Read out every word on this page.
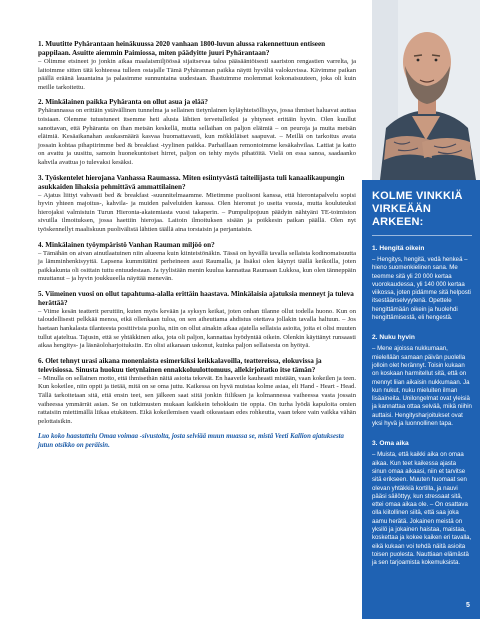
1. Muutitte Pyhärantaan heinäkuussa 2020 vanhaan 1800-luvun alussa rakennettuun entiseen pappilaan. Asuitte aiemmin Paimiossa, miten päädyitte juuri Pyhärantaan?

– Olimme etsineet jo jonkin aikaa maalaismiljöössä sijaitsevaa taloa pääsääntöisesti saariston rengastien varrelta, ja laitoimme sitten tätä kohteessa tulleen ostajalle Tämä Pyhärannan paikka näytti hyvältä valokuvissa. Kävimme paikan päällä eräänä lauantaina ja palasimme sunnuntaina uudestaan. Ihastuimme molemmat kokonaisuuteen, joka oli kuin meille tarkoitettu.

2. Minkälainen paikka Pyhäranta on ollut asua ja elää?

Pyhärannassa on erittäin ystävällinen tunnelma ja sellainen tietynlainen kyläyhteisöllisyys, jossa ihmiset haluavat auttaa toisiaan. Olemme tutustuneet itsemme heti alusta lähtien tervetulleiksi ja yhtyneet erittäin hyvin. Olen kuullut sanottavan, että Pyhäranta on ihan metsän keskellä, mutta sellaihan on paljon eläimiä – on peuroja ja muita metsän eläimiä. Kesäaikanahan asukasmäärä kasvaa huomattavasti, kun mökkiläiset saapuvat. – Meillä on tarkoitus avata jossain kohtaa pihapiirimme bed & breakfast -tyylinen paikka. Parhaillaan remontoimme kesäkahvilaa. Lattiat ja katto on avattu ja uusittu, samoin huonekuntoiset hirret, paljon on tehty myös pihatöitä. Vielä on essa sanoa, saadaanko kahvila avattua jo tulevaksi kesäksi.

3. Työskentelet hierojana Vanhassa Raumassa. Miten esiintyvästä taiteilijasta tuli kanaalikaupungin asukkaiden lihaksia pehmittävä ammattilainen?

– Ajatus liittyi vahvasti bed & breakfast -suunnitelmaamme. Mietimme puolisoni kanssa, että hierontapalvelu sopisi hyvin yhteen majoitus-, kahvila- ja muiden palveluiden kanssa. Olen hieronut jo useita vuosia, mutta kouluteuksi hierojaksi valmistuin Turun Hieronta-akatemiasta vuosi takaperin. – Pumpulipojuun päädyin nähtyäni TE-toimiston sivuilla ilmoituksen, jossa haettiin hierojaa. Laitoin ilmoituksen sisään ja poikkesin paikan päällä. Olen nyt työskennellyt maaliskuun puolivälistä lähtien täällä aina torstaisin ja perjantaisin.

4. Minkälainen työympäristö Vanhan Rauman miljöö on?

– Tämähän on aivan ainutlaatuinen niin alueena kuin kiinteistönäkin. Tässä on hyvällä tavalla sellaista kodinomaisuutta ja lämminhenkisyyttä. Lapsena kummitätini perheineen asui Raumalla, ja lisäksi olen käynyt täällä keikoilla, joten paikkakunta oli osittain tuttu entuudestaan. Ja tyylistään menin kuulua kannattaa Raumaan Lukkoa, kun olen tänneppäin muuttanut – ja hyvin joukkueella näyttää menevän.

5. Viimeinen vuosi on ollut tapahtuma-alalla erittäin haastava. Minkälaisia ajatuksia menneyt ja tuleva herättää?

– Viime kesän teatterit peruttiin, kuten myös kevään ja syksyn keikat, joten onhan tilanne ollut todella huono. Kun on taloudellisesti pelkkää menoa, eikä ollenkaan tuloa, on sen aiheuttama ahdistus otettava jollakin tavalla haltuun. – Jos haetaan hankalasta tilanteesta positiivisia puolia, niin on ollut ainakin aikaa ajatella sellaisia asioita, joita ei olisi muuten tullut ajateltua. Tajusin, että se yhtäkkinen aika, jota oli paljon, kannattaa hyödyntää oikein. Olenkin käyttänyt runsaasti aikaa hengitys- ja läsnäoloharjoituksiin. En olisi aikanaan uskonut, kuinka paljon sellaisesta on hyötyä.

6. Olet tehnyt urasi aikana monenlaista esimerkiksi keikkalavoilla, teattereissa, elokuvissa ja televisiossa. Sinusta huokuu tietynlainen ennakkoluulottomuus, allekirjoitatko itse tämän?

– Minulla on sellainen motto, että ihmisethän näitä asioita tekevät. En haaveile kauheasti mistään, vaan kokeilen ja teen. Kun kokeilee, niin oppii ja tietää, mitä on se oma juttu. Kaikessa on hyvä muistaa kolme asiaa, eli Hand - Heart - Head. Tällä tarkoitetaan sitä, että ensin teet, sen jälkeen saat siitä jonkin fiiliksen ja kolmannessa vaiheessa vasta jossain vaiheessa ymmärrät asian. Se on tutkimusten mukaan kaikkein tehokkain tie oppia. On turha lyödä kapuloita omien rattaisiin miettimällä liikaa etukäteen. Eikä kokeilemisen vaadi oikeastaan edes rohkeutta, vaan tekee vain vaikka vähän pelottaisikin.

Luo koko haastattelu Omaa voimaa -sivustolta, josta selviää muun muassa se, mistä Veeti Kallion ajatuksesta jutun otsikko on peräisin.

KOLME VINKKIÄ VIRKEÄÄN ARKEEN:
1. Hengitä oikein
– Hengitys, hengitä, vedä henkeä – hieno suomenkielinen sana. Me teemme sitä yli 20 000 kertaa vuorokaudessa, yli 140 000 kertaa viikossa, joten pidämme sitä helposti itsestäänselvyytenä. Opettele hengittämään oikein ja huolehdi hengittämisestä, eli hengestä.
2. Nuku hyvin
– Mene ajoissa nukkumaan, mielellään samaan päivän puolella jolloin olet herännyt. Toisin kukaan on koskaan harmitellut sitä, että on mennyt liian aikaisin nukkumaan. Ja kun nukut, nuku mieluiten ilman lisäaineita. Unilongelmat ovat yleisiä ja kannattaa ottaa selvää, mikä niihin auttaisi. Hengitysharjoitukset ovat yksi hyvä ja luonnollinen tapa.
3. Oma aika
– Muista, että kaikki aika on omaa aikaa. Kun teet kaikessa ajasta sinun omaa aikaasi, niin et tarvitse sitä erikseen. Muuten huomaat sen olevan yhtäkkiä kortilla, ja nauvi pääsi säilöttyy, kun stressaat sitä, ettei omaa aikaa ole. – On osattava olla kiitollinen siitä, että saa joka aamu herätä. Jokainen meistä on yksilö ja jokainen haistaa, maistaa, koskettaa ja kokee kaiken eri tavalla, eikä kukaan voi tehdä näitä asioita toisen puolesta. Nauttiaan elämästä ja sen tarjoamista kokemuksista.
5
